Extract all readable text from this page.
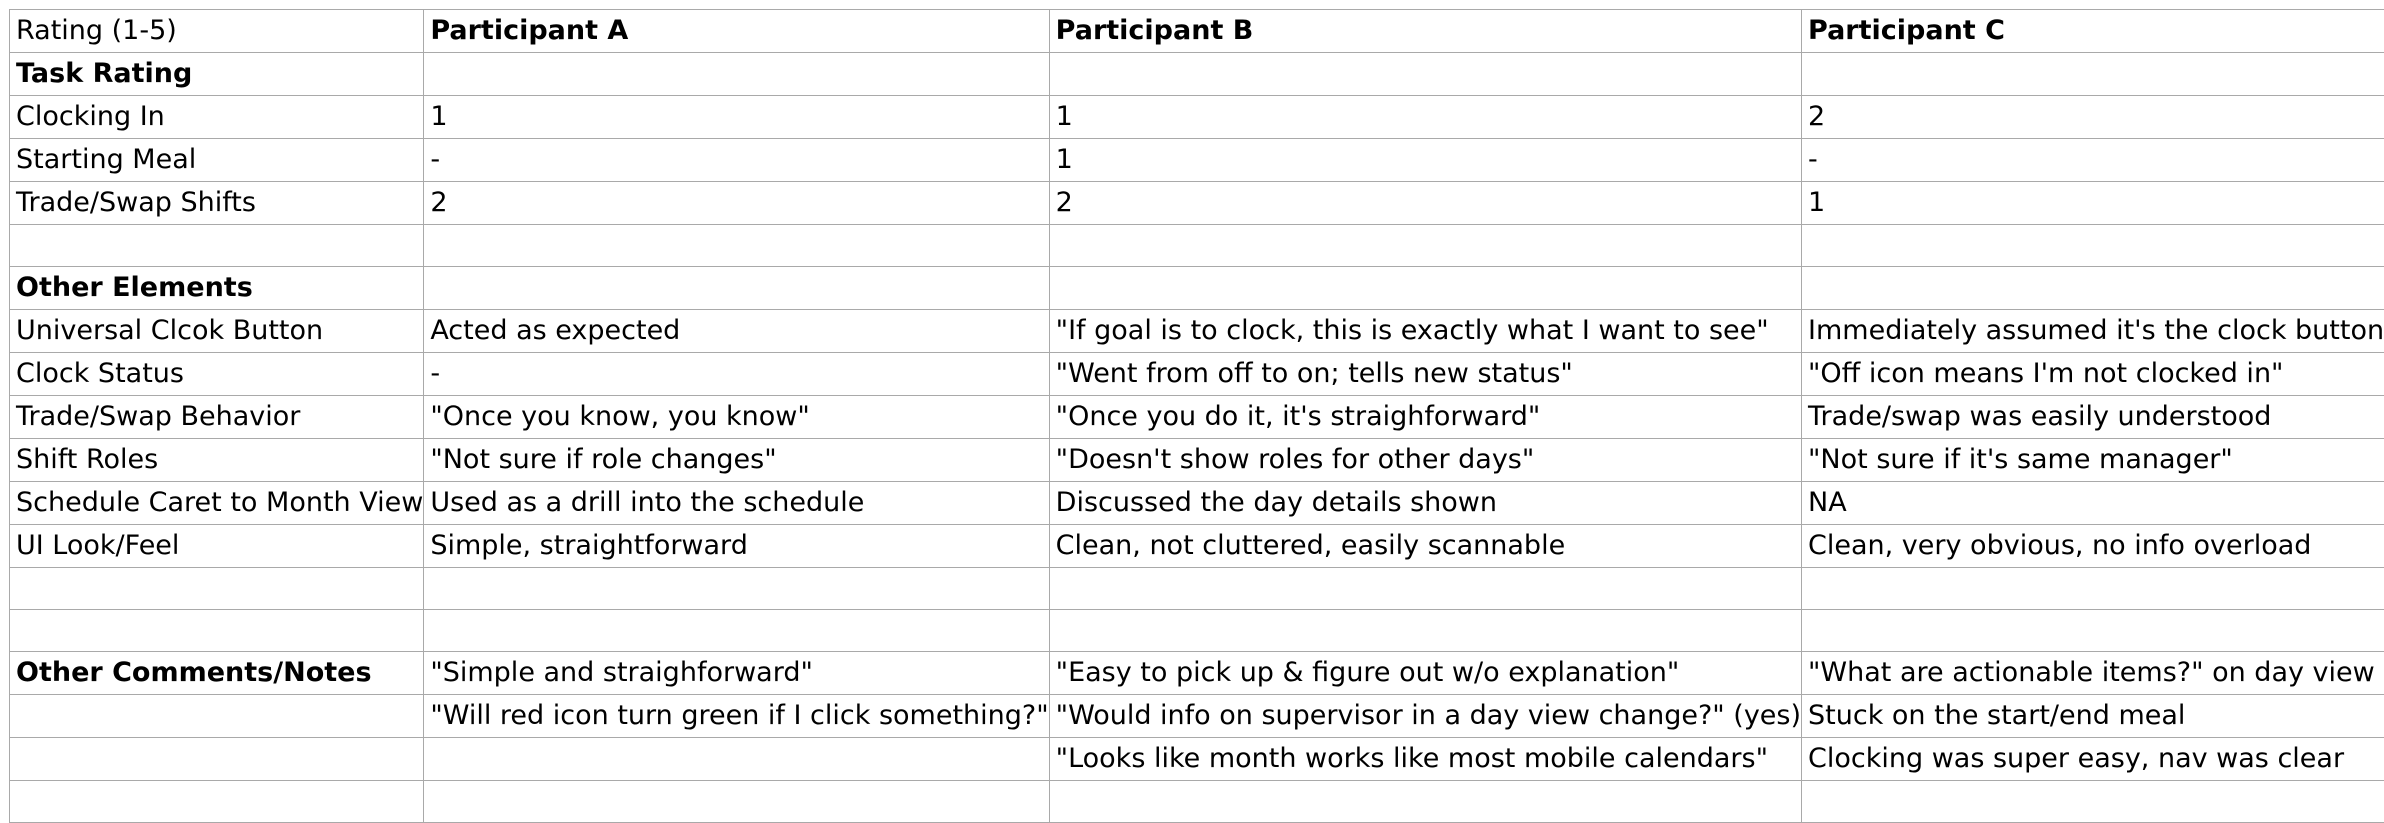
Rating (1-5)	Participant A	Participant B	Participant C
Task Rating			
Clocking In	1	1	2
Starting Meal	-	1	-
Trade/Swap Shifts	2	2	1

Other Elements			
Universal Clcok Button	Acted as expected	"If goal is to clock, this is exactly what I want to see"	Immediately assumed it's the clock button
Clock Status	-	"Went from off to on; tells new status"	"Off icon means I'm not clocked in"
Trade/Swap Behavior	"Once you know, you know"	"Once you do it, it's straighforward"	Trade/swap was easily understood
Shift Roles	"Not sure if role changes"	"Doesn't show roles for other days"	"Not sure if it's same manager"
Schedule Caret to Month View	Used as a drill into the schedule	Discussed the day details shown	NA
UI Look/Feel	Simple, straightforward	Clean, not cluttered, easily scannable	Clean, very obvious, no info overload

Other Comments/Notes	"Simple and straighforward"	"Easy to pick up & figure out w/o explanation"	"What are actionable items?" on day view
	"Will red icon turn green if I click something?"	"Would info on supervisor in a day view change?" (yes)	Stuck on the start/end meal
		"Looks like month works like most mobile calendars"	Clocking was super easy, nav was clear
